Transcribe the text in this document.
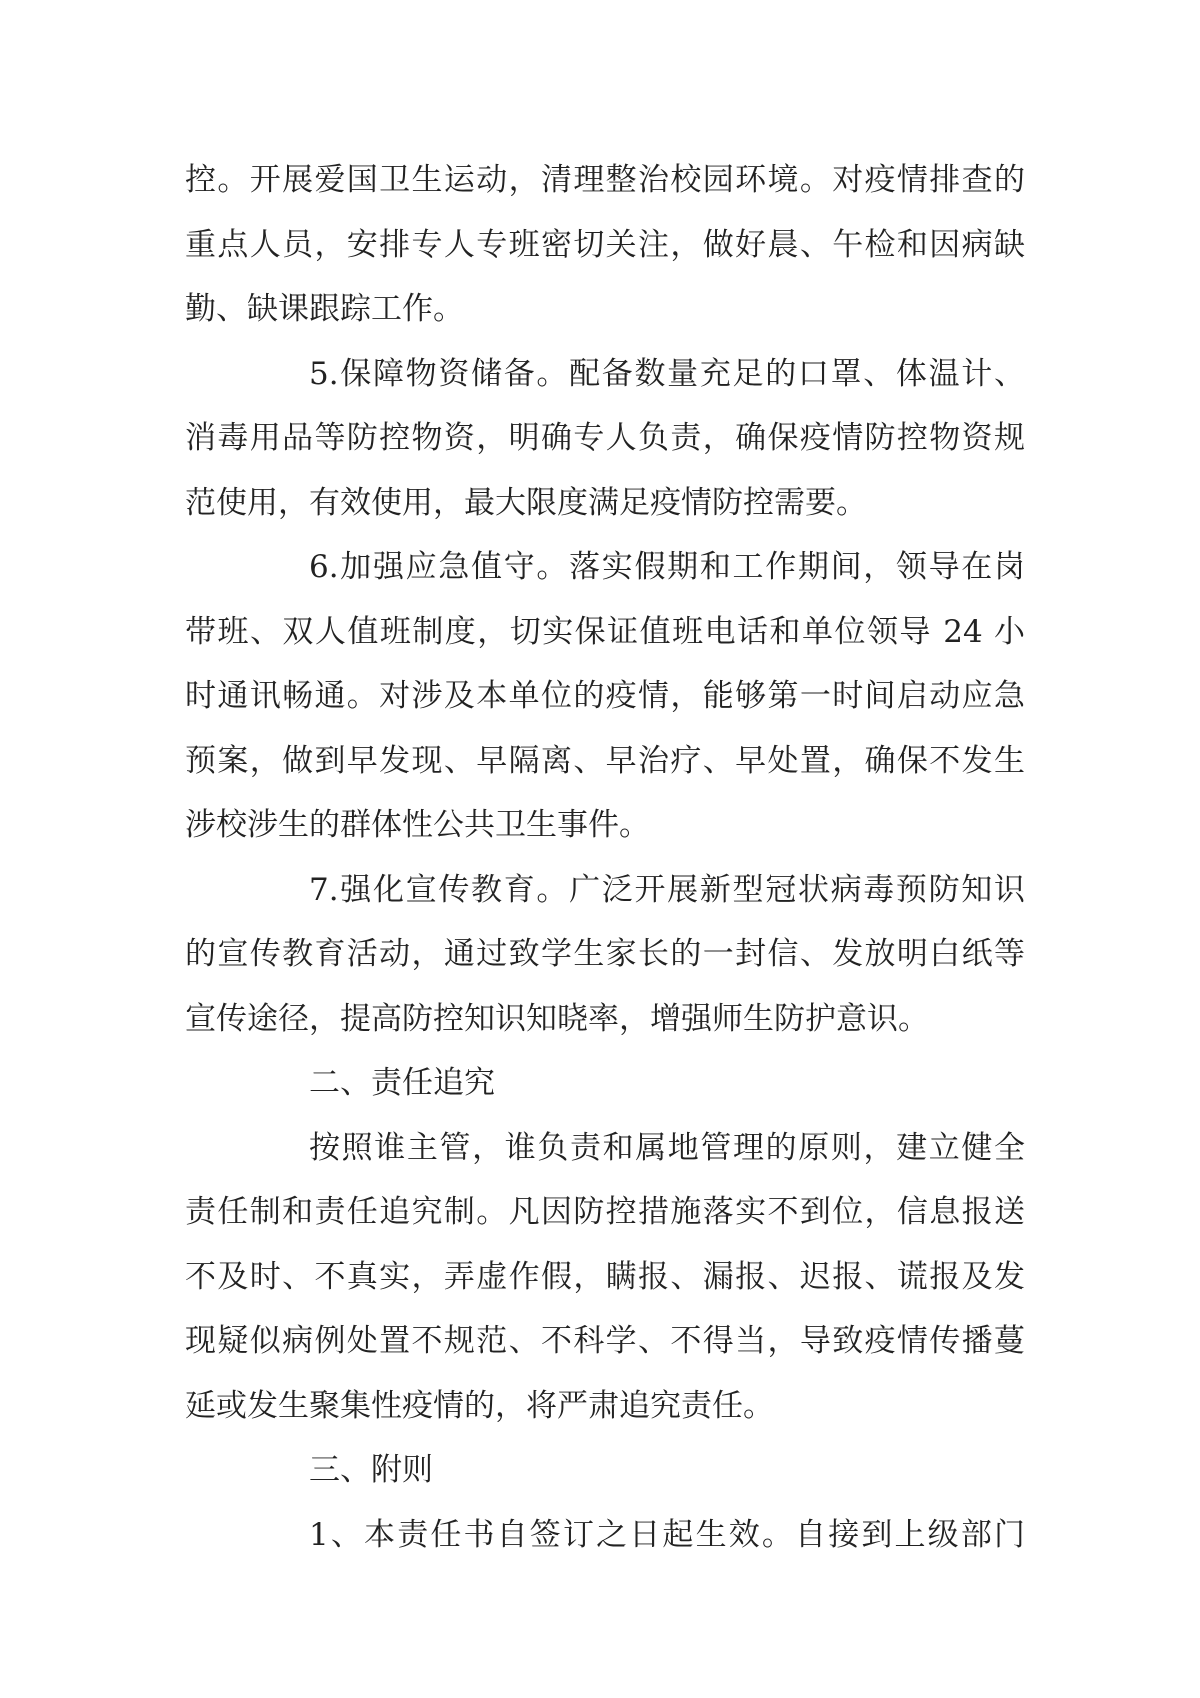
控。开展爱国卫生运动，清理整治校园环境。对疫情排查的
重点人员，安排专人专班密切关注，做好晨、午检和因病缺
勤、缺课跟踪工作。
5.保障物资储备。配备数量充足的口罩、体温计、
消毒用品等防控物资，明确专人负责，确保疫情防控物资规
范使用，有效使用，最大限度满足疫情防控需要。
6.加强应急值守。落实假期和工作期间，领导在岗
带班、双人值班制度，切实保证值班电话和单位领导 24 小
时通讯畅通。对涉及本单位的疫情，能够第一时间启动应急
预案，做到早发现、早隔离、早治疗、早处置，确保不发生
涉校涉生的群体性公共卫生事件。
7.强化宣传教育。广泛开展新型冠状病毒预防知识
的宣传教育活动，通过致学生家长的一封信、发放明白纸等
宣传途径，提高防控知识知晓率，增强师生防护意识。
二、责任追究
按照谁主管，谁负责和属地管理的原则，建立健全
责任制和责任追究制。凡因防控措施落实不到位，信息报送
不及时、不真实，弄虚作假，瞒报、漏报、迟报、谎报及发
现疑似病例处置不规范、不科学、不得当，导致疫情传播蔓
延或发生聚集性疫情的，将严肃追究责任。
三、附则
1、本责任书自签订之日起生效。自接到上级部门
